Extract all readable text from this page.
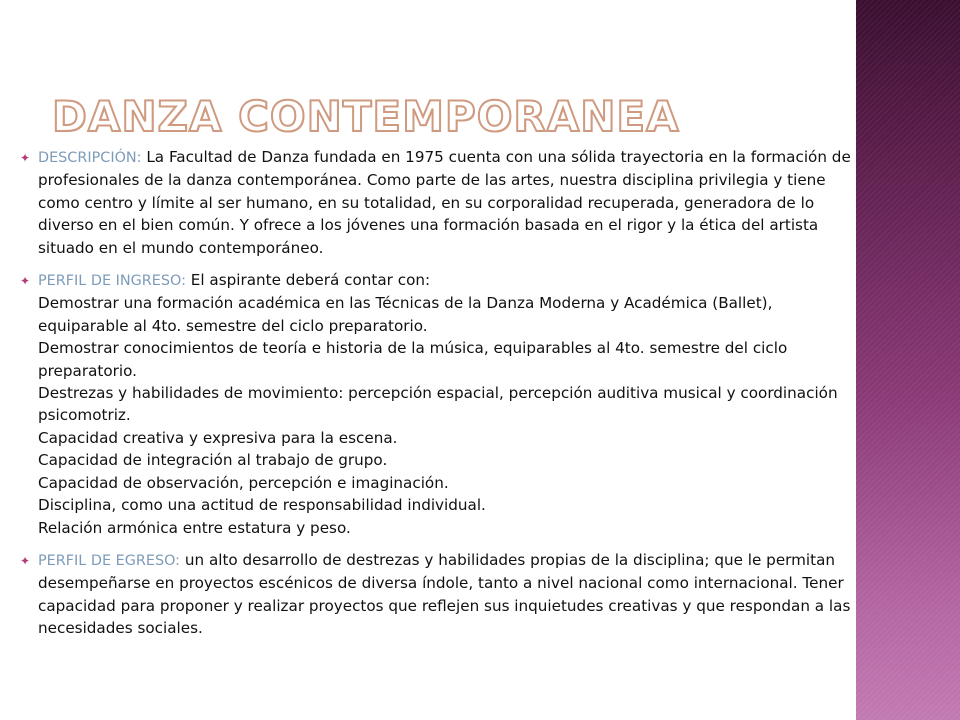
DANZA CONTEMPORANEA
✦ DESCRIPCIÓN: La Facultad de Danza fundada en 1975 cuenta con una sólida trayectoria en la formación de profesionales de la danza contemporánea. Como parte de las artes, nuestra disciplina privilegia y tiene como centro y límite al ser humano, en su totalidad, en su corporalidad recuperada, generadora de lo diverso en el bien común. Y ofrece a los jóvenes una formación basada en el rigor y la ética del artista situado en el mundo contemporáneo.
✦ PERFIL DE INGRESO: El aspirante deberá contar con:
Demostrar una formación académica en las Técnicas de la Danza Moderna y Académica (Ballet), equiparable al 4to. semestre del ciclo preparatorio.
Demostrar conocimientos de teoría e historia de la música, equiparables al 4to. semestre del ciclo preparatorio.
Destrezas y habilidades de movimiento: percepción espacial, percepción auditiva musical y coordinación psicomotriz.
Capacidad creativa y expresiva para la escena.
Capacidad de integración al trabajo de grupo.
Capacidad de observación, percepción e imaginación.
Disciplina, como una actitud de responsabilidad individual.
Relación armónica entre estatura y peso.
✦ PERFIL DE EGRESO: un alto desarrollo de destrezas y habilidades propias de la disciplina; que le permitan desempeñarse en proyectos escénicos de diversa índole, tanto a nivel nacional como internacional. Tener capacidad para proponer y realizar proyectos que reflejen sus inquietudes creativas y que respondan a las necesidades sociales.
